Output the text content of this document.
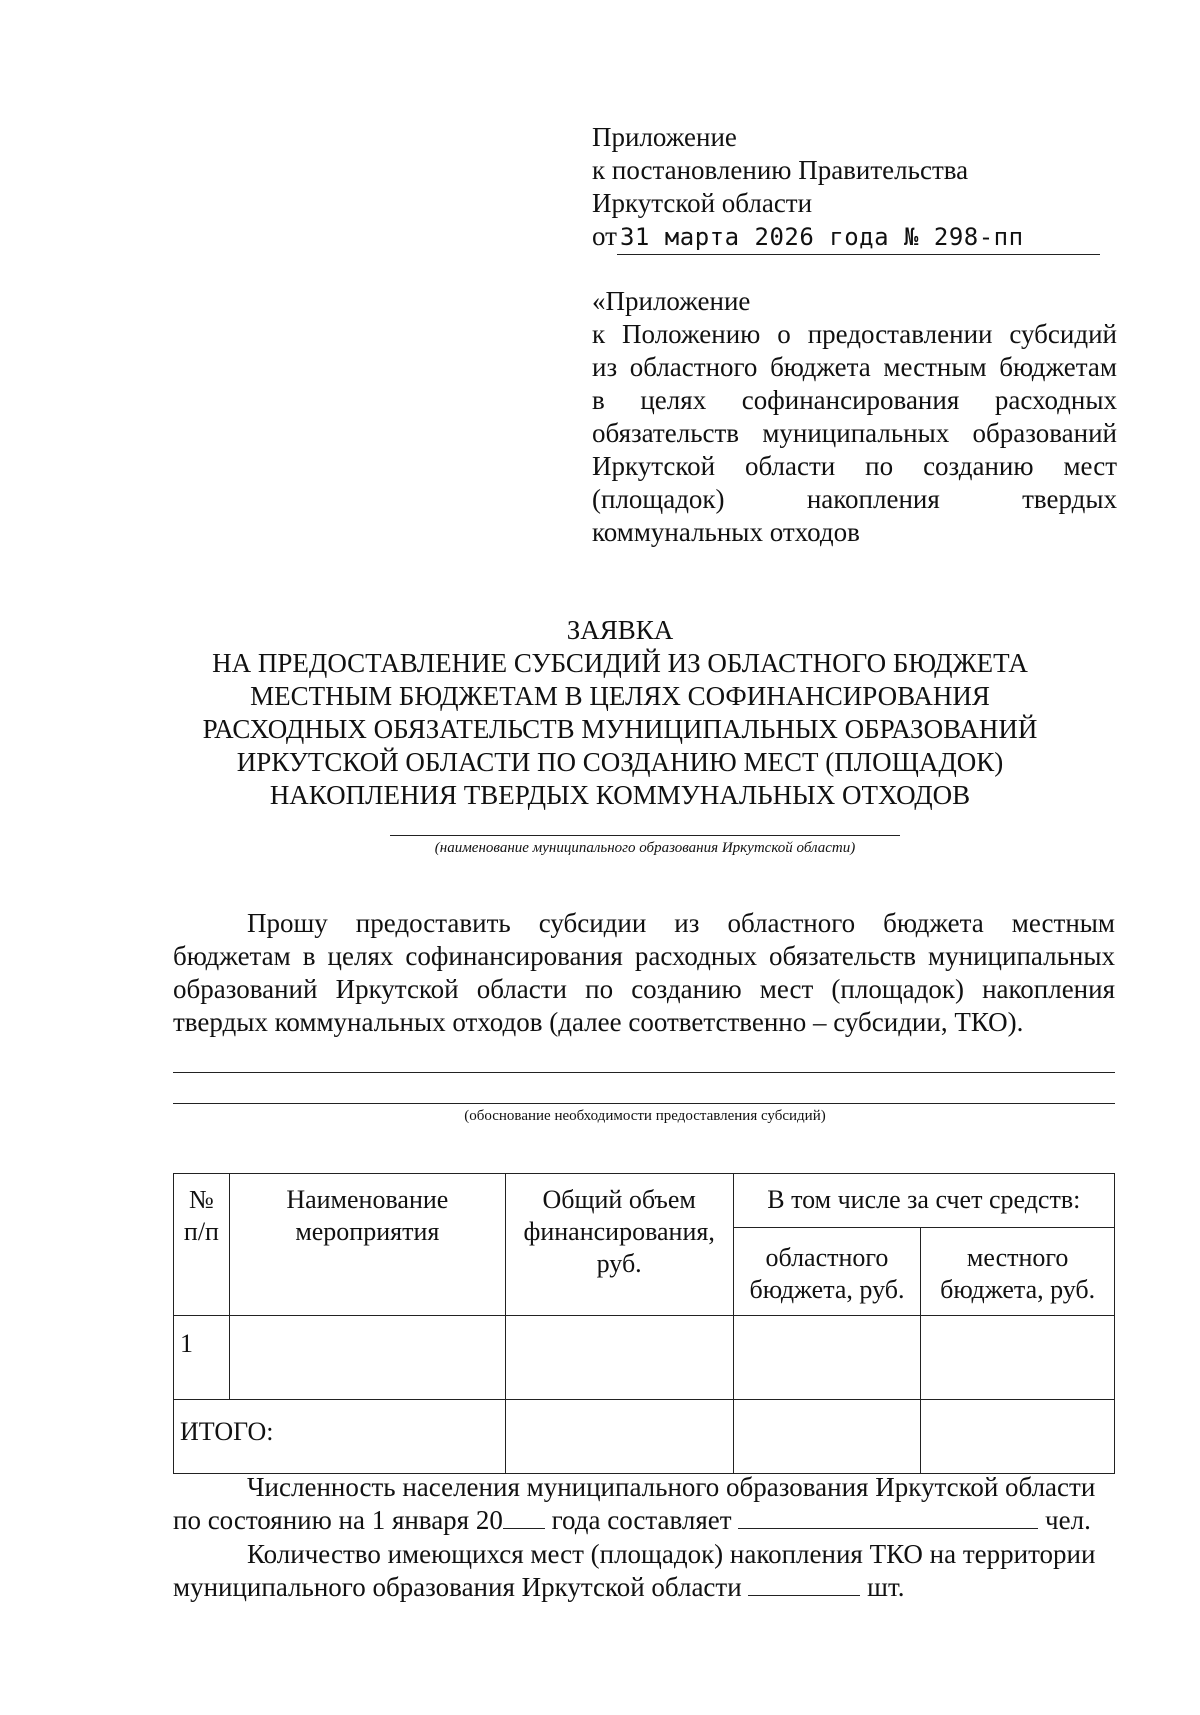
Приложение
к постановлению Правительства
Иркутской области
от 31 марта 2026 года № 298-пп
«Приложение
к Положению о предоставлении субсидий
из областного бюджета местным бюджетам
в целях софинансирования расходных
обязательств муниципальных образований
Иркутской области по созданию мест
(площадок) накопления твердых
коммунальных отходов
ЗАЯВКА
НА ПРЕДОСТАВЛЕНИЕ СУБСИДИЙ ИЗ ОБЛАСТНОГО БЮДЖЕТА
МЕСТНЫМ БЮДЖЕТАМ В ЦЕЛЯХ СОФИНАНСИРОВАНИЯ
РАСХОДНЫХ ОБЯЗАТЕЛЬСТВ МУНИЦИПАЛЬНЫХ ОБРАЗОВАНИЙ
ИРКУТСКОЙ ОБЛАСТИ ПО СОЗДАНИЮ МЕСТ (ПЛОЩАДОК)
НАКОПЛЕНИЯ ТВЕРДЫХ КОММУНАЛЬНЫХ ОТХОДОВ
(наименование муниципального образования Иркутской области)
Прошу предоставить субсидии из областного бюджета местным
бюджетам в целях софинансирования расходных обязательств муниципальных
образований Иркутской области по созданию мест (площадок) накопления
твердых коммунальных отходов (далее соответственно – субсидии, ТКО).
(обоснование необходимости предоставления субсидий)
№ п/п	Наименование мероприятия	Общий объем финансирования, руб.	В том числе за счет средств:	
			областного бюджета, руб.	местного бюджета, руб.
1				
ИТОГО:				
Численность населения муниципального образования Иркутской области
по состоянию на 1 января 20 года составляет	чел.
Количество имеющихся мест (площадок) накопления ТКО на территории
муниципального образования Иркутской области	шт.
